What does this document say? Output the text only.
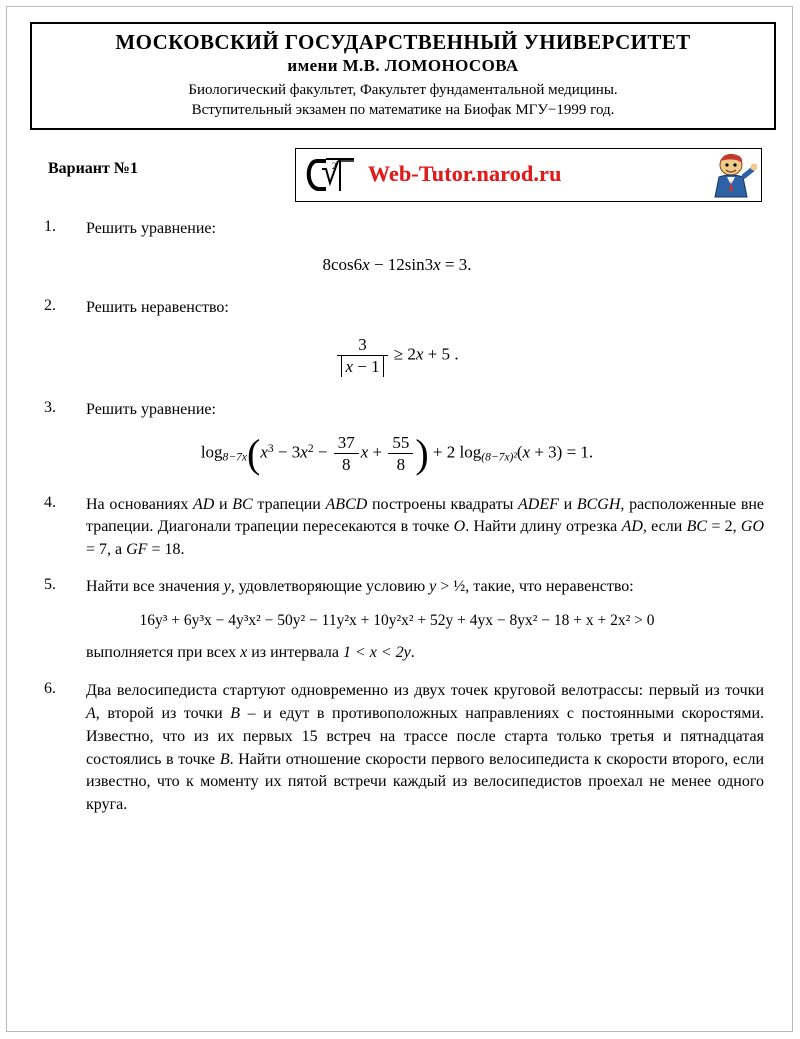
МОСКОВСКИЙ ГОСУДАРСТВЕННЫЙ УНИВЕРСИТЕТ
имени М.В. ЛОМОНОСОВА
Биологический факультет, Факультет фундаментальной медицины.
Вступительный экзамен по математике на Биофак МГУ−1999 год.
Вариант №1	2 Web-Tutor.narod.ru
1. Решить уравнение:
8cos6x − 12sin3x = 3.
2. Решить неравенство:
$\frac{3}{x - 1} \ge 2x + 5$ .
3. Решить уравнение:
$\log_{8-7x}(x^3 - 3x^2 - \frac{37}{8}$ $x + \frac{55}{8}$ ) + 2 $\log_{(8-7x)^2}(x + 3) = 1$.
4. На основаниях AD и BC трапеции ABCD построены квадраты ADEF и BCGH, расположенные вне трапеции. Диагонали трапеции пересекаются в точке O. Найти длину отрезка AD, если BC = 2, GO = 7, а GF = 18.
5. Найти все значения y, удовлетворяющие условию y > ½, такие, что неравенство:
16y³ + 6y³x − 4y³x² − 50y² − 11y²x + 10y²x² + 52y + 4yx − 8yx² − 18 + x + 2x² > 0
выполняется при всех x из интервала 1 < x < 2y.
6. Два велосипедиста стартуют одновременно из двух точек круговой велотрассы: первый из точки A, второй из точки B – и едут в противоположных направлениях с постоянными скоростями. Известно, что из их первых 15 встреч на трассе после старта только третья и пятнадцатая состоялись в точке B. Найти отношение скорости первого велосипедиста к скорости второго, если известно, что к моменту их пятой встречи каждый из велосипедистов проехал не менее одного круга.
